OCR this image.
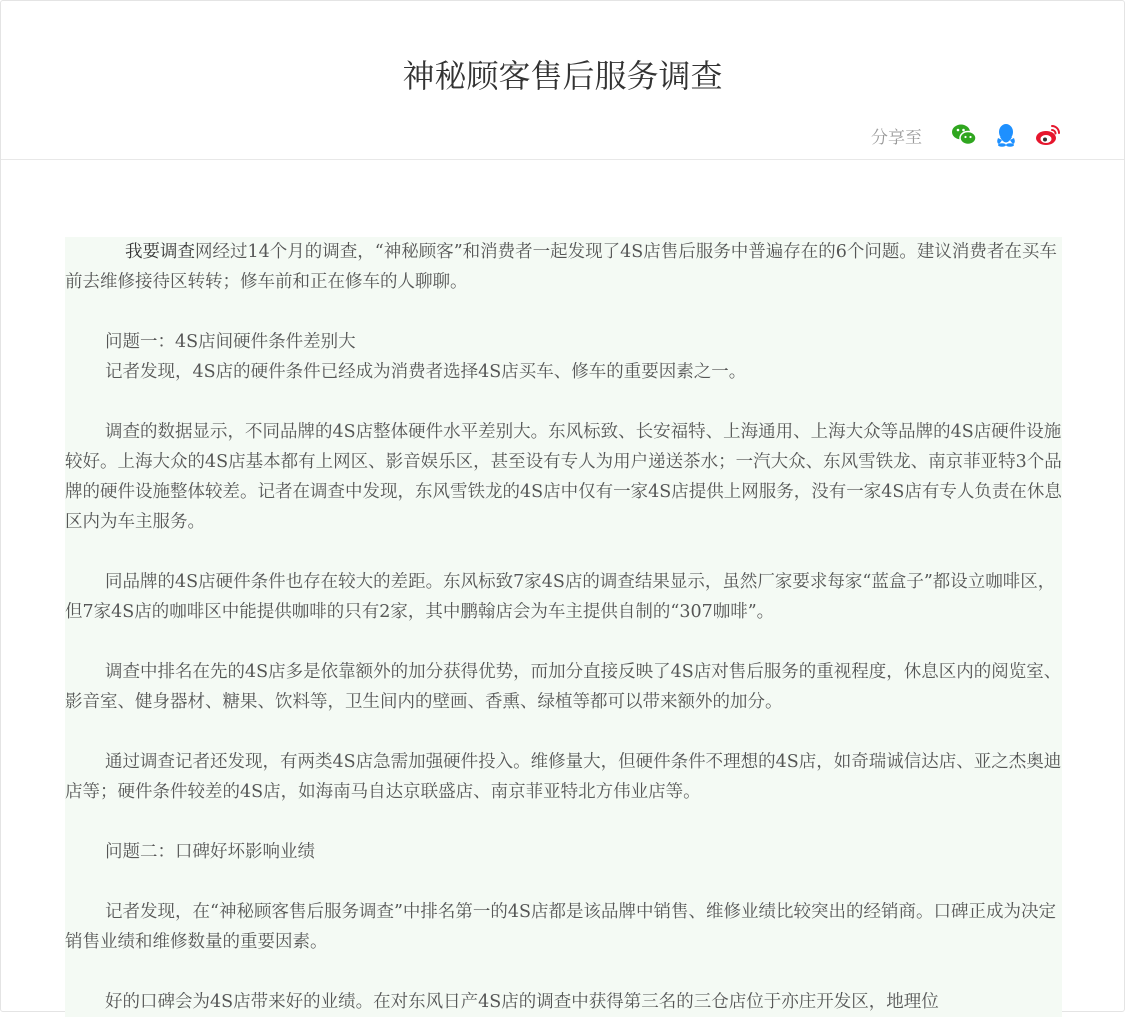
神秘顾客售后服务调查
分享至

我要调查网经过14个月的调查，“神秘顾客”和消费者一起发现了4S店售后服务中普遍存在的6个问题。建议消费者在买车前去维修接待区转转；修车前和正在修车的人聊聊。

问题一：4S店间硬件条件差别大

记者发现，4S店的硬件条件已经成为消费者选择4S店买车、修车的重要因素之一。

调查的数据显示，不同品牌的4S店整体硬件水平差别大。东风标致、长安福特、上海通用、上海大众等品牌的4S店硬件设施较好。上海大众的4S店基本都有上网区、影音娱乐区，甚至设有专人为用户递送茶水；一汽大众、东风雪铁龙、南京菲亚特3个品牌的硬件设施整体较差。记者在调查中发现，东风雪铁龙的4S店中仅有一家4S店提供上网服务，没有一家4S店有专人负责在休息区内为车主服务。

同品牌的4S店硬件条件也存在较大的差距。东风标致7家4S店的调查结果显示，虽然厂家要求每家“蓝盒子”都设立咖啡区，但7家4S店的咖啡区中能提供咖啡的只有2家，其中鹏翰店会为车主提供自制的“307咖啡”。

调查中排名在先的4S店多是依靠额外的加分获得优势，而加分直接反映了4S店对售后服务的重视程度，休息区内的阅览室、影音室、健身器材、糖果、饮料等，卫生间内的壁画、香熏、绿植等都可以带来额外的加分。

通过调查记者还发现，有两类4S店急需加强硬件投入。维修量大，但硬件条件不理想的4S店，如奇瑞诚信达店、亚之杰奥迪店等；硬件条件较差的4S店，如海南马自达京联盛店、南京菲亚特北方伟业店等。

问题二：口碑好坏影响业绩

记者发现，在“神秘顾客售后服务调查”中排名第一的4S店都是该品牌中销售、维修业绩比较突出的经销商。口碑正成为决定销售业绩和维修数量的重要因素。

好的口碑会为4S店带来好的业绩。在对东风日产4S店的调查中获得第三名的三仓店位于亦庄开发区，地理位
